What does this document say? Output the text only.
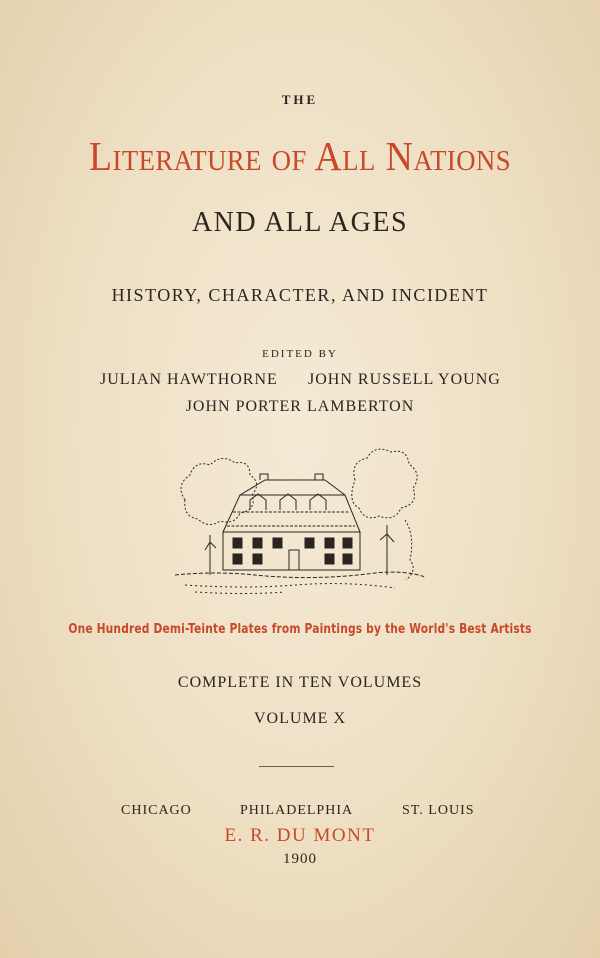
THE
Literature of All Nations
AND ALL AGES
HISTORY, CHARACTER, AND INCIDENT
EDITED BY
JULIAN HAWTHORNE JOHN RUSSELL YOUNG
JOHN PORTER LAMBERTON
One Hundred Demi-Teinte Plates from Paintings by the World's Best Artists
COMPLETE IN TEN VOLUMES
VOLUME X
CHICAGO	PHILADELPHIA	ST. LOUIS
E. R. DU MONT
1900
